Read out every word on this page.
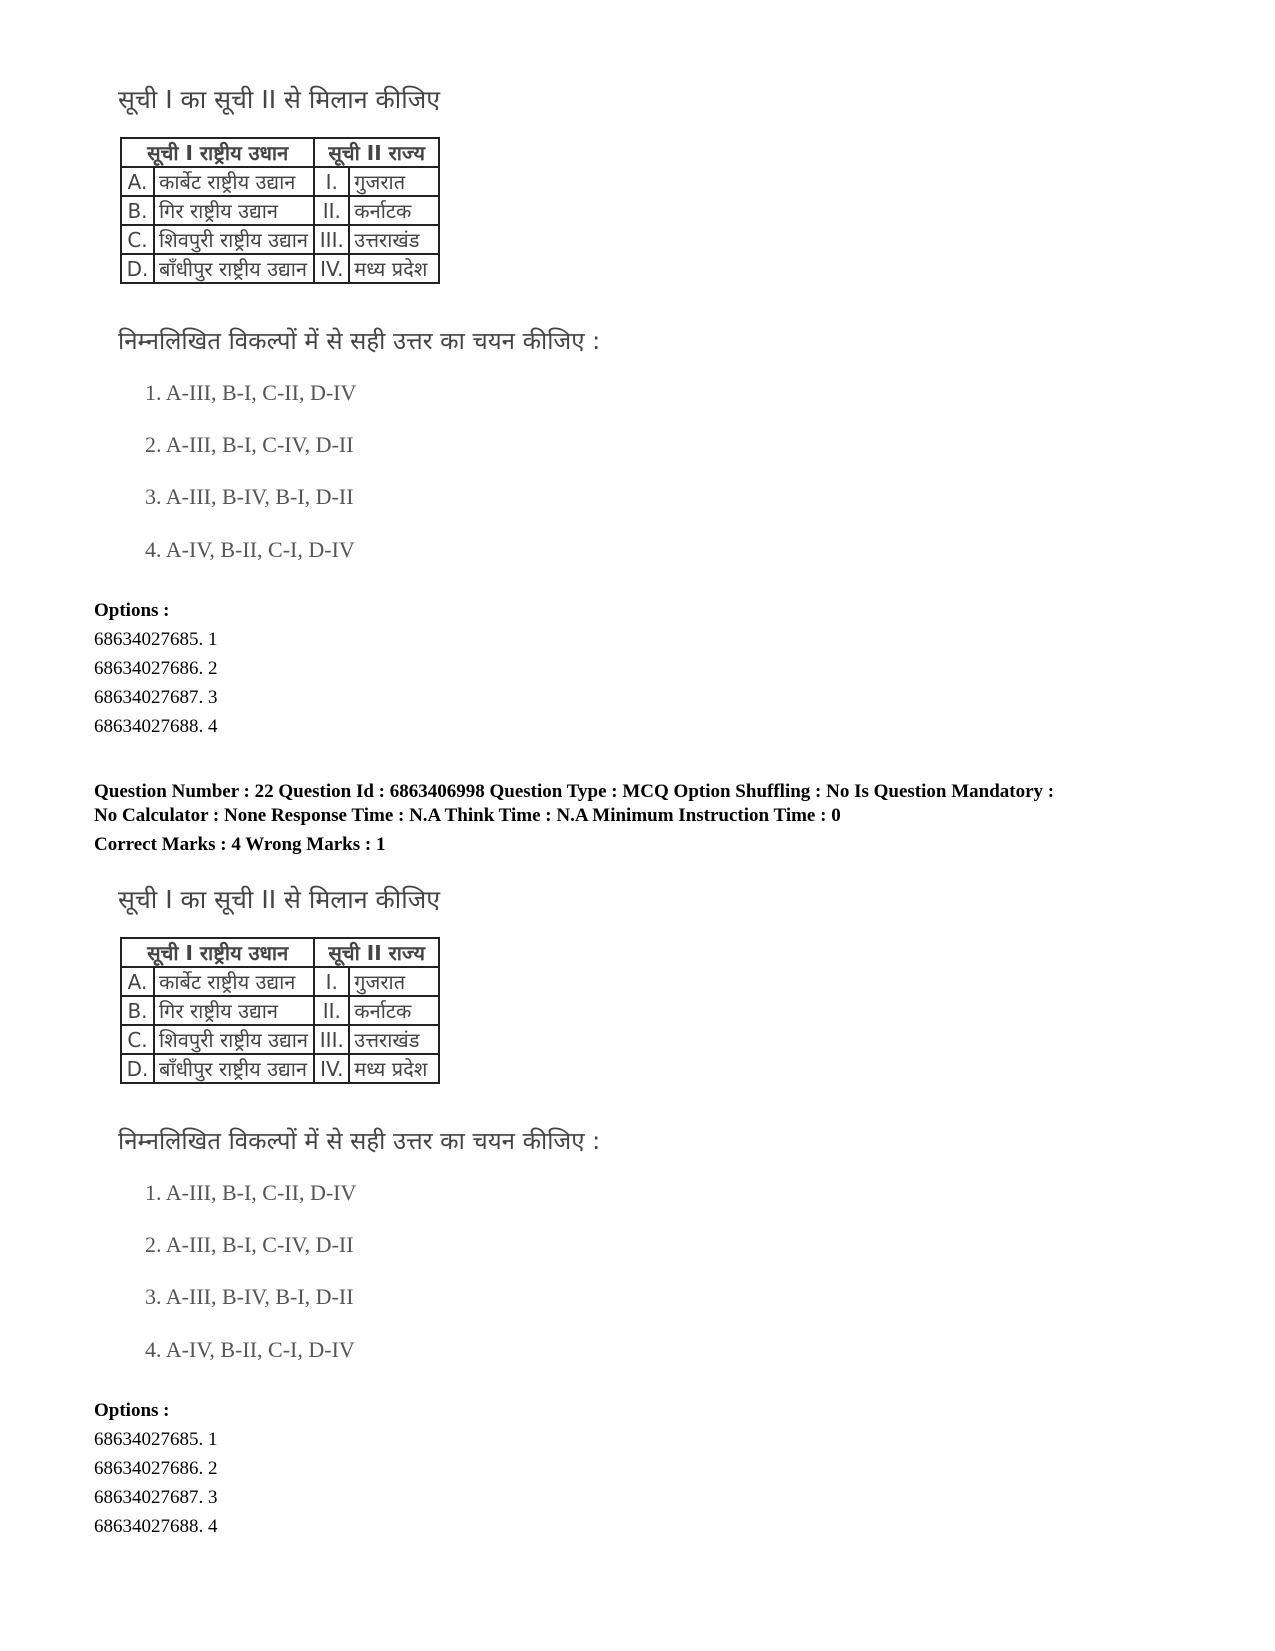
सूची I का सूची II से मिलान कीजिए
सूची I राष्ट्रीय उधान		सूची II राज्य	
A.	कार्बेट राष्ट्रीय उद्यान	I.	गुजरात
B.	गिर राष्ट्रीय उद्यान	II.	कर्नाटक
C.	शिवपुरी राष्ट्रीय उद्यान	III.	उत्तराखंड
D.	बाँधीपुर राष्ट्रीय उद्यान	IV.	मध्य प्रदेश
निम्नलिखित विकल्पों में से सही उत्तर का चयन कीजिए :
1. A-III, B-I, C-II, D-IV
2. A-III, B-I, C-IV, D-II
3. A-III, B-IV, B-I, D-II
4. A-IV, B-II, C-I, D-IV
Options :
68634027685. 1
68634027686. 2
68634027687. 3
68634027688. 4
Question Number : 22 Question Id : 6863406998 Question Type : MCQ Option Shuffling : No Is Question Mandatory :
No Calculator : None Response Time : N.A Think Time : N.A Minimum Instruction Time : 0
Correct Marks : 4 Wrong Marks : 1
सूची I का सूची II से मिलान कीजिए
सूची I राष्ट्रीय उधान		सूची II राज्य	
A.	कार्बेट राष्ट्रीय उद्यान	I.	गुजरात
B.	गिर राष्ट्रीय उद्यान	II.	कर्नाटक
C.	शिवपुरी राष्ट्रीय उद्यान	III.	उत्तराखंड
D.	बाँधीपुर राष्ट्रीय उद्यान	IV.	मध्य प्रदेश
निम्नलिखित विकल्पों में से सही उत्तर का चयन कीजिए :
1. A-III, B-I, C-II, D-IV
2. A-III, B-I, C-IV, D-II
3. A-III, B-IV, B-I, D-II
4. A-IV, B-II, C-I, D-IV
Options :
68634027685. 1
68634027686. 2
68634027687. 3
68634027688. 4
